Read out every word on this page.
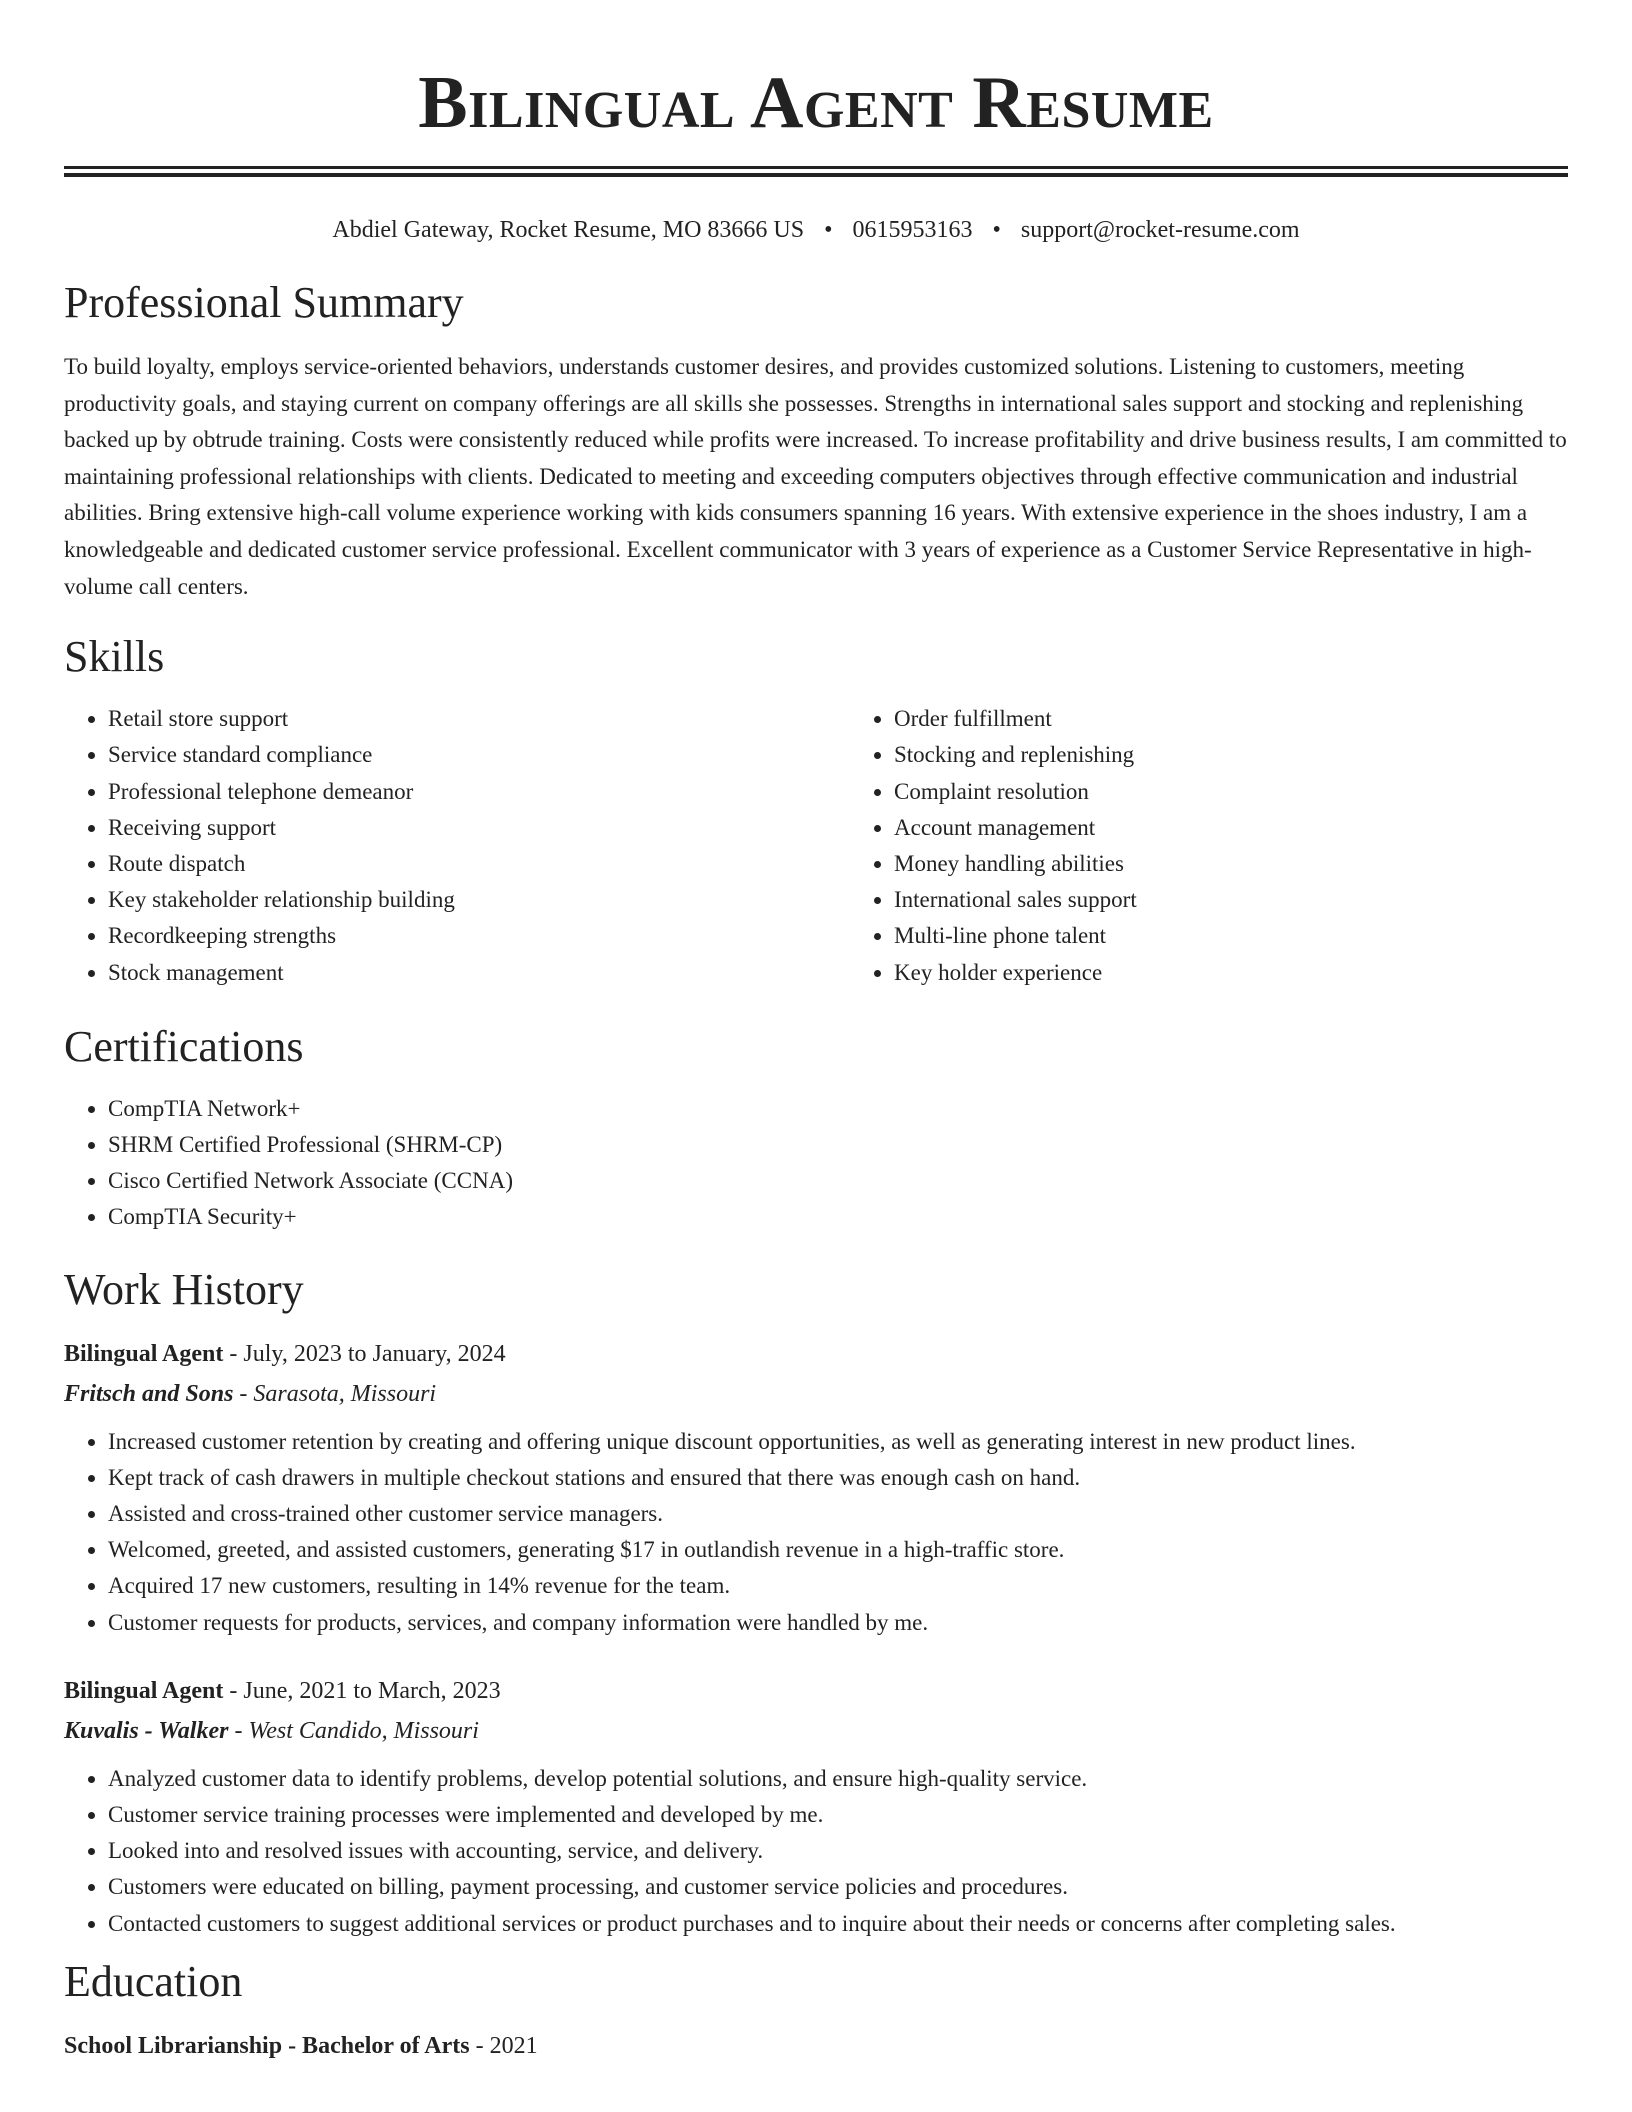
Bilingual Agent Resume
Abdiel Gateway, Rocket Resume, MO 83666 US • 0615953163 • support@rocket-resume.com
Professional Summary

To build loyalty, employs service-oriented behaviors, understands customer desires, and provides customized solutions. Listening to customers, meeting productivity goals, and staying current on company offerings are all skills she possesses. Strengths in international sales support and stocking and replenishing backed up by obtrude training. Costs were consistently reduced while profits were increased. To increase profitability and drive business results, I am committed to maintaining professional relationships with clients. Dedicated to meeting and exceeding computers objectives through effective communication and industrial abilities. Bring extensive high-call volume experience working with kids consumers spanning 16 years. With extensive experience in the shoes industry, I am a knowledgeable and dedicated customer service professional. Excellent communicator with 3 years of experience as a Customer Service Representative in high-volume call centers.

Skills
• Retail store support
• Service standard compliance
• Professional telephone demeanor
• Receiving support
• Route dispatch
• Key stakeholder relationship building
• Recordkeeping strengths
• Stock management
• Order fulfillment
• Stocking and replenishing
• Complaint resolution
• Account management
• Money handling abilities
• International sales support
• Multi-line phone talent
• Key holder experience
Certifications
• CompTIA Network+
• SHRM Certified Professional (SHRM-CP)
• Cisco Certified Network Associate (CCNA)
• CompTIA Security+
Work History
Bilingual Agent - July, 2023 to January, 2024
Fritsch and Sons - Sarasota, Missouri
• Increased customer retention by creating and offering unique discount opportunities, as well as generating interest in new product lines.
• Kept track of cash drawers in multiple checkout stations and ensured that there was enough cash on hand.
• Assisted and cross-trained other customer service managers.
• Welcomed, greeted, and assisted customers, generating $17 in outlandish revenue in a high-traffic store.
• Acquired 17 new customers, resulting in 14% revenue for the team.
• Customer requests for products, services, and company information were handled by me.
Bilingual Agent - June, 2021 to March, 2023
Kuvalis - Walker - West Candido, Missouri
• Analyzed customer data to identify problems, develop potential solutions, and ensure high-quality service.
• Customer service training processes were implemented and developed by me.
• Looked into and resolved issues with accounting, service, and delivery.
• Customers were educated on billing, payment processing, and customer service policies and procedures.
• Contacted customers to suggest additional services or product purchases and to inquire about their needs or concerns after completing sales.
Education
School Librarianship - Bachelor of Arts - 2021
